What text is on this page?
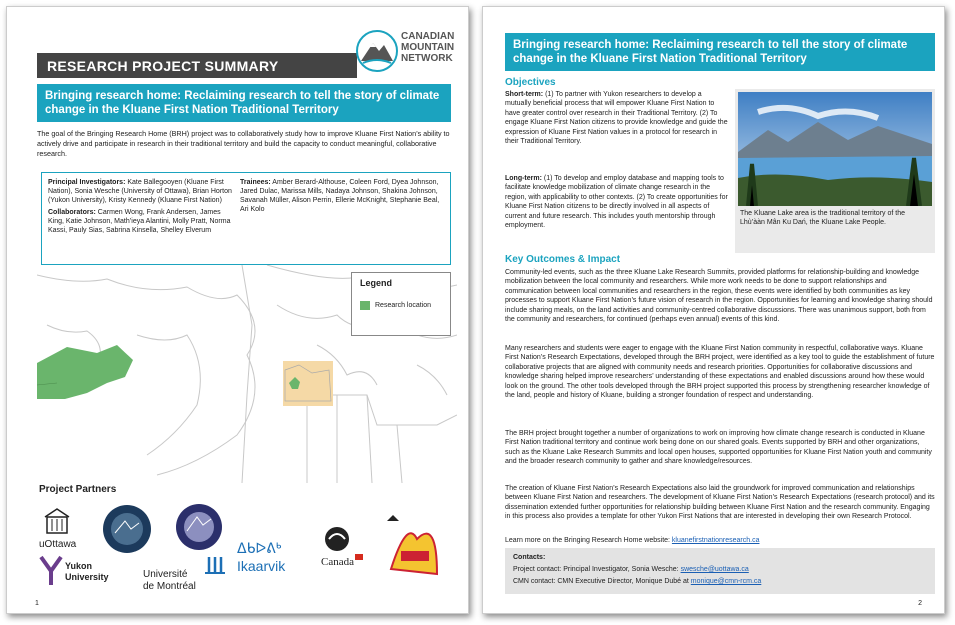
RESEARCH PROJECT SUMMARY
CANADIAN
MOUNTAIN
NETWORK
Bringing research home: Reclaiming research to tell the story of climate change in the Kluane First Nation Traditional Territory
The goal of the Bringing Research Home (BRH) project was to collaboratively study how to improve Kluane First Nation’s ability to actively drive and participate in research in their traditional territory and build the capacity to conduct meaningful, collaborative research.

Principal Investigators: Kate Ballegooyen (Kluane First Nation), Sonia Wesche (University of Ottawa), Brian Horton (Yukon University), Kristy Kennedy (Kluane First Nation)

Collaborators: Carmen Wong, Frank Andersen, James King, Katie Johnson, Math’ieya Alantini, Molly Pratt, Norma Kassi, Pauly Sias, Sabrina Kinsella, Shelley Elverum

Trainees: Amber Berard-Althouse, Coleen Ford, Dyea Johnson, Jared Dulac, Marissa Mills, Nadaya Johnson, Shakina Johnson, Savanah Müller, Alison Perrin, Ellerie McKnight, Stephanie Beal, Ari Kolo

Legend
Research location
Project Partners
uOttawa
Yukon
University	Université
de Montréal
ᐃᑲᐅᕕᒃ
Ikaarvik	Canada
1
Bringing research home: Reclaiming research to tell the story of climate change in the Kluane First Nation Traditional Territory
Objectives
Short-term: (1) To partner with Yukon researchers to develop a mutually beneficial process that will empower Kluane First Nation to have greater control over research in their Traditional Territory. (2) To engage Kluane First Nation citizens to provide knowledge and guide the expression of Kluane First Nation values in a protocol for research in their Traditional Territory.
Long-term: (1) To develop and employ database and mapping tools to facilitate knowledge mobilization of climate change research in the region, with applicability to other contexts. (2) To create opportunities for Kluane First Nation citizens to be directly involved in all aspects of current and future research. This includes youth mentorship through employment.
The Kluane Lake area is the traditional territory of the Lhù’ààn Mân Ku Dań, the Kluane Lake People.
Key Outcomes & Impact
Community-led events, such as the three Kluane Lake Research Summits, provided platforms for relationship-building and knowledge mobilization between the local community and researchers. While more work needs to be done to support relationships and communication between local communities and researchers in the region, these events were identified by both communities as key processes to support Kluane First Nation’s future vision of research in the region. Opportunities for learning and knowledge sharing should include sharing meals, on the land activities and community-centred collaborative discussions. There was unanimous support, both from the community and researchers, for continued (perhaps even annual) events of this kind.
Many researchers and students were eager to engage with the Kluane First Nation community in respectful, collaborative ways. Kluane First Nation’s Research Expectations, developed through the BRH project, were identified as a key tool to guide the establishment of future collaborative projects that are aligned with community needs and research priorities. Opportunities for collaborative discussions and knowledge sharing helped improve researchers’ understanding of these expectations and enabled discussions around how these would look on the ground. The other tools developed through the BRH project supported this process by strengthening researcher knowledge of the land, people and history of Kluane, building a stronger foundation of respect and understanding.
The BRH project brought together a number of organizations to work on improving how climate change research is conducted in Kluane First Nation traditional territory and continue work being done on our shared goals. Events supported by BRH and other organizations, such as the Kluane Lake Research Summits and local open houses, supported opportunities for Kluane First Nation youth and community and the broader research community to gather and share knowledge/resources.
The creation of Kluane First Nation’s Research Expectations also laid the groundwork for improved communication and relationships between Kluane First Nation and researchers. The development of Kluane First Nation’s Research Expectations (research protocol) and its dissemination extended further opportunities for relationship building between Kluane First Nation and the research community. Engaging in this process also provides a template for other Yukon First Nations that are interested in developing their own Research Protocol.
Learn more on the Bringing Research Home website: kluanefirstnationresearch.ca
Contacts:
Project contact: Principal Investigator, Sonia Wesche: swesche@uottawa.ca
CMN contact: CMN Executive Director, Monique Dubé at monique@cmn-rcm.ca
2
